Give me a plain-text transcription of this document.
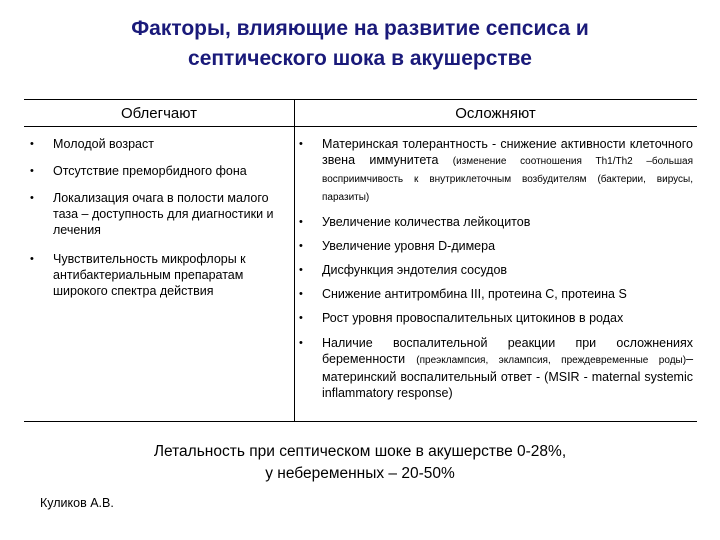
Факторы, влияющие на развитие сепсиса и
септического шока в акушерстве
Облегчают	Осложняют
• Молодой возраст
• Отсутствие преморбидного фона
• Локализация очага в полости малого таза – доступность для диагностики и лечения
• Чувствительность микрофлоры к антибактериальным препаратам широкого спектра действия
• Материнская толерантность - снижение активности клеточного звена иммунитета (изменение соотношения Th1/Th2 –большая восприимчивость к внутриклеточным возбудителям (бактерии, вирусы, паразиты)
• Увеличение количества лейкоцитов
• Увеличение уровня D-димера
• Дисфункция эндотелия сосудов
• Снижение антитромбина III, протеина С, протеина S
• Рост уровня провоспалительных цитокинов в родах
• Наличие воспалительной реакции при осложнениях беременности (преэклампсия, эклампсия, преждевременные роды)–материнский воспалительный ответ - (MSIR - maternal systemic inflammatory response)
Летальность при септическом шоке в акушерстве 0-28%,
у небеременных – 20-50%
Куликов А.В.
